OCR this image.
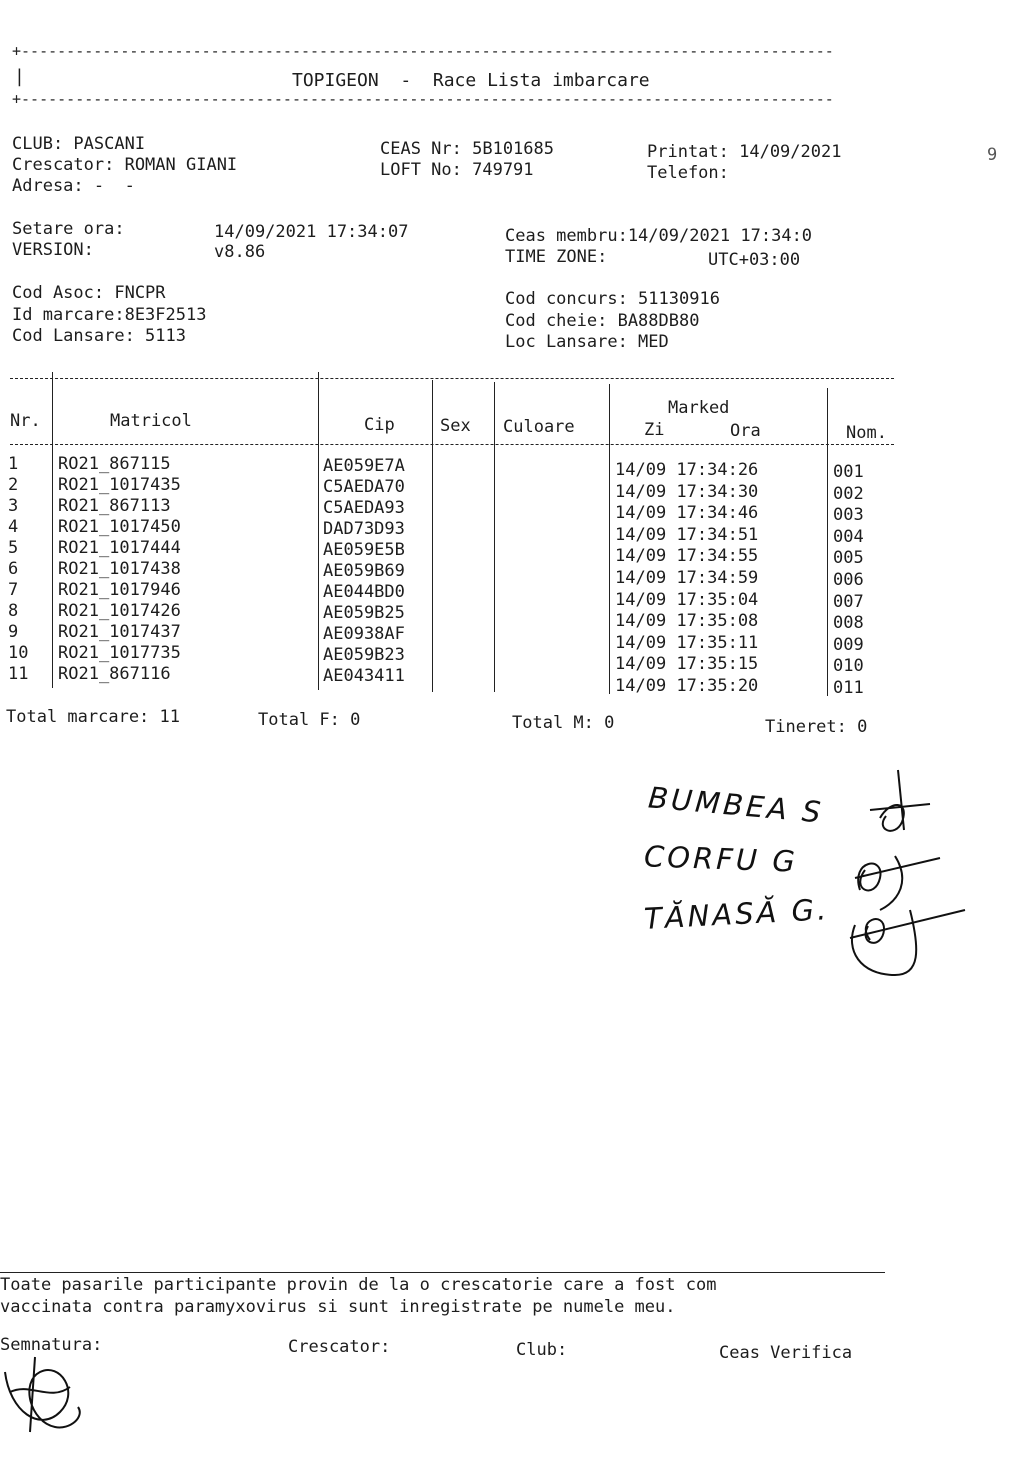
+------------------------------------------------------------------------------------------
|	TOPIGEON  -  Race Lista imbarcare
+------------------------------------------------------------------------------------------
9
CLUB: PASCANI
Crescator: ROMAN GIANI
Adresa: -  -
CEAS Nr: 5B101685
LOFT No: 749791
Printat: 14/09/2021
Telefon:
Setare ora:	14/09/2021 17:34:07
VERSION:	v8.86
Ceas membru:14/09/2021 17:34:0
TIME ZONE:	UTC+03:00
Cod Asoc: FNCPR
Id marcare:8E3F2513
Cod Lansare: 5113
Cod concurs: 51130916
Cod cheie: BA88DB80
Loc Lansare: MED
Nr.	Matricol	Cip	Sex Culoare
Marked
Zi	Ora	Nom.
1 RO21_867115	AE059E7A	14/09 17:34:26	001
2 RO21_1017435	C5AEDA70	14/09 17:34:30	002
3 RO21_867113	C5AEDA93	14/09 17:34:46	003
4 RO21_1017450	DAD73D93	14/09 17:34:51	004
5 RO21_1017444	AE059E5B	14/09 17:34:55	005
6 RO21_1017438	AE059B69	14/09 17:34:59	006
7 RO21_1017946	AE044BD0	14/09 17:35:04	007
8 RO21_1017426	AE059B25	14/09 17:35:08	008
9 RO21_1017437	AE0938AF	14/09 17:35:11	009
10 RO21_1017735	AE059B23	14/09 17:35:15	010
11 RO21_867116	AE043411	14/09 17:35:20	011
Total marcare: 11	Total F: 0	Total M: 0	Tineret: 0
BUMBEA S
CORFU G
TĂNASĂ G.
Toate pasarile participante provin de la o crescatorie care a fost com
vaccinata contra paramyxovirus si sunt inregistrate pe numele meu.
Semnatura:	Crescator:	Club:	Ceas Verifica
